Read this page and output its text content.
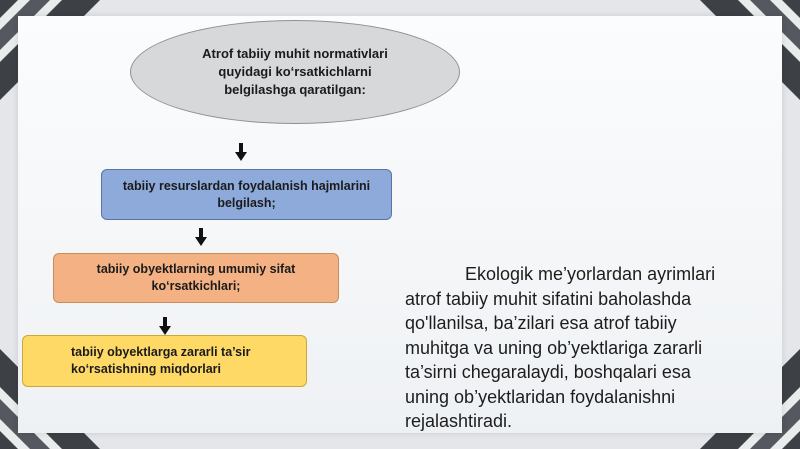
Atrof tabiiy muhit normativlari
quyidagi ko‘rsatkichlarni
belgilashga qaratilgan:
tabiiy resurslardan foydalanish hajmlarini
belgilash;
tabiiy obyektlarning umumiy sifat
ko‘rsatkichlari;
tabiiy obyektlarga zararli ta’sir
ko‘rsatishning miqdorlari
Ekologik me’yorlardan ayrimlari
atrof tabiiy muhit sifatini baholashda
qo'llanilsa, ba’zilari esa atrof tabiiy
muhitga va uning ob’yektlariga zararli
ta’sirni chegaralaydi, boshqalari esa
uning ob’yektlaridan foydalanishni
rejalashtiradi.
